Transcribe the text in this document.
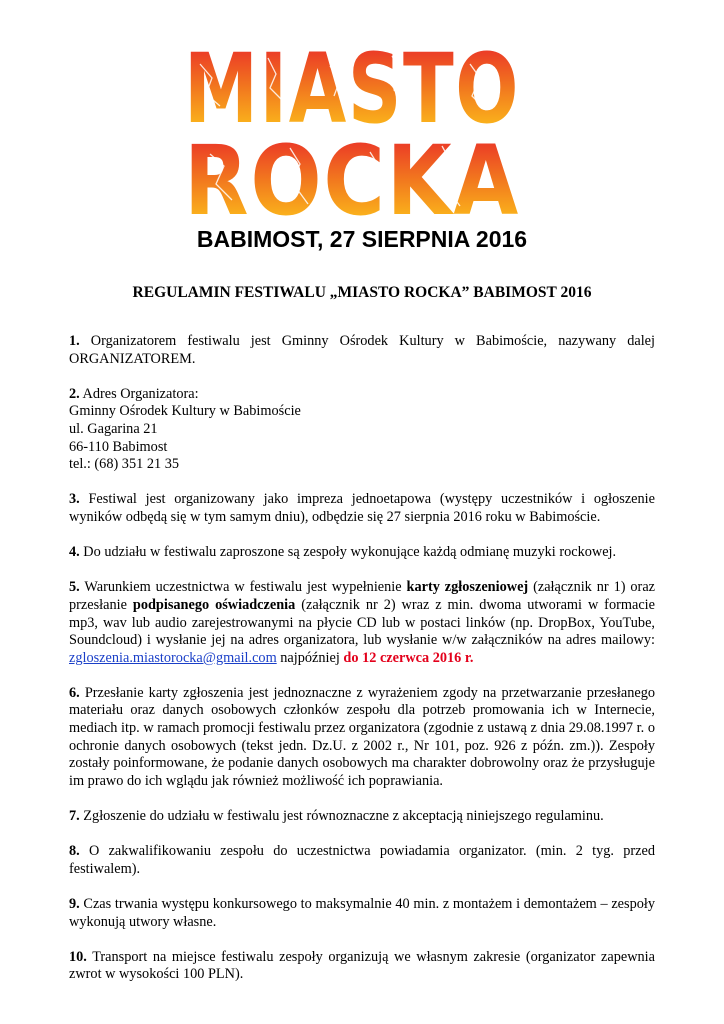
MIASTO
ROCKA
BABIMOST, 27 SIERPNIA 2016
REGULAMIN FESTIWALU „MIASTO ROCKA” BABIMOST 2016

1. Organizatorem festiwalu jest Gminny Ośrodek Kultury w Babimoście, nazywany dalej ORGANIZATOREM.

2. Adres Organizatora:
Gminny Ośrodek Kultury w Babimoście
ul. Gagarina 21
66-110 Babimost
tel.: (68) 351 21 35

3. Festiwal jest organizowany jako impreza jednoetapowa (występy uczestników i ogłoszenie wyników odbędą się w tym samym dniu), odbędzie się 27 sierpnia 2016 roku w Babimoście.

4. Do udziału w festiwalu zaproszone są zespoły wykonujące każdą odmianę muzyki rockowej.

5. Warunkiem uczestnictwa w festiwalu jest wypełnienie karty zgłoszeniowej (załącznik nr 1) oraz przesłanie podpisanego oświadczenia (załącznik nr 2) wraz z min. dwoma utworami w formacie mp3, wav lub audio zarejestrowanymi na płycie CD lub w postaci linków (np. DropBox, YouTube, Soundcloud) i wysłanie jej na adres organizatora, lub wysłanie w/w załączników na adres mailowy: zgloszenia.miastorocka@gmail.com najpóźniej do 12 czerwca 2016 r.

6. Przesłanie karty zgłoszenia jest jednoznaczne z wyrażeniem zgody na przetwarzanie przesłanego materiału oraz danych osobowych członków zespołu dla potrzeb promowania ich w Internecie, mediach itp. w ramach promocji festiwalu przez organizatora (zgodnie z ustawą z dnia 29.08.1997 r. o ochronie danych osobowych (tekst jedn. Dz.U. z 2002 r., Nr 101, poz. 926 z późn. zm.)). Zespoły zostały poinformowane, że podanie danych osobowych ma charakter dobrowolny oraz że przysługuje im prawo do ich wglądu jak również możliwość ich poprawiania.

7. Zgłoszenie do udziału w festiwalu jest równoznaczne z akceptacją niniejszego regulaminu.

8. O zakwalifikowaniu zespołu do uczestnictwa powiadamia organizator. (min. 2 tyg. przed festiwalem).

9. Czas trwania występu konkursowego to maksymalnie 40 min. z montażem i demontażem – zespoły wykonują utwory własne.

10. Transport na miejsce festiwalu zespoły organizują we własnym zakresie (organizator zapewnia zwrot w wysokości 100 PLN).
